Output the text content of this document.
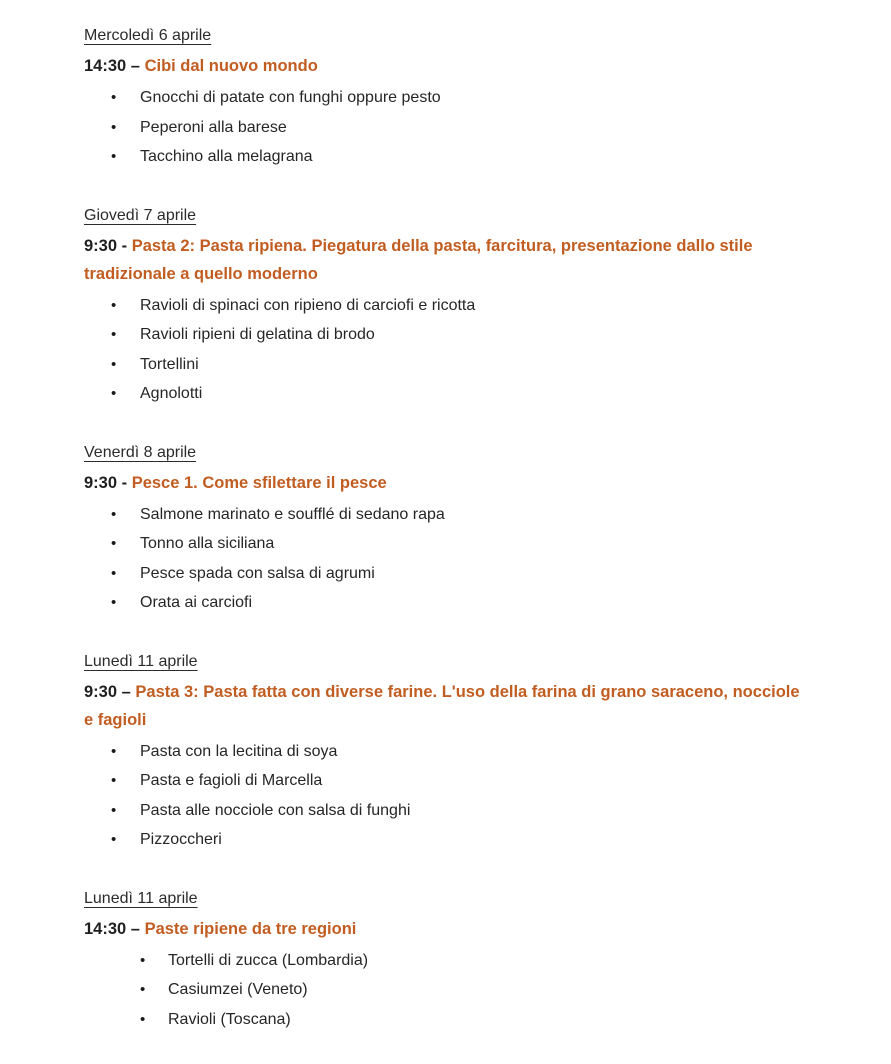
Mercoledì 6 aprile
14:30 – Cibi dal nuovo mondo
• Gnocchi di patate con funghi oppure pesto
• Peperoni alla barese
• Tacchino alla melagrana
Giovedì 7 aprile
9:30 - Pasta 2: Pasta ripiena. Piegatura della pasta, farcitura, presentazione dallo stile tradizionale a quello moderno
• Ravioli di spinaci con ripieno di carciofi e ricotta
• Ravioli ripieni di gelatina di brodo
• Tortellini
• Agnolotti
Venerdì 8 aprile
9:30 - Pesce 1. Come sfilettare il pesce
• Salmone marinato e soufflé di sedano rapa
• Tonno alla siciliana
• Pesce spada con salsa di agrumi
• Orata ai carciofi
Lunedì 11 aprile
9:30 – Pasta 3: Pasta fatta con diverse farine. L'uso della farina di grano saraceno, nocciole e fagioli
• Pasta con la lecitina di soya
• Pasta e fagioli di Marcella
• Pasta alle nocciole con salsa di funghi
• Pizzoccheri
Lunedì 11 aprile
14:30 – Paste ripiene da tre regioni
• Tortelli di zucca (Lombardia)
• Casiumzei (Veneto)
• Ravioli (Toscana)
